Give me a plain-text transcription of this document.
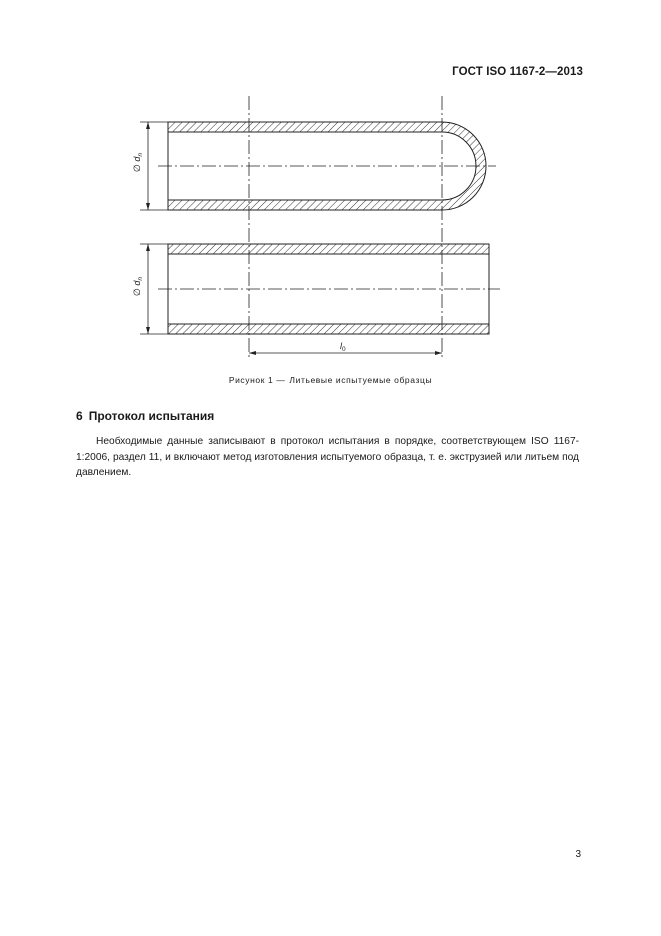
ГОСТ ISO 1167-2—2013
∅ $d_n$
∅ $d_n$
$l_0$
Рисунок 1 — Литьевые испытуемые образцы
6 Протокол испытания
Необходимые данные записывают в протокол испытания в порядке, соответствующем ISO 1167-1:2006, раздел 11, и включают метод изготовления испытуемого образца, т. е. экструзией или литьем под давлением.
3
